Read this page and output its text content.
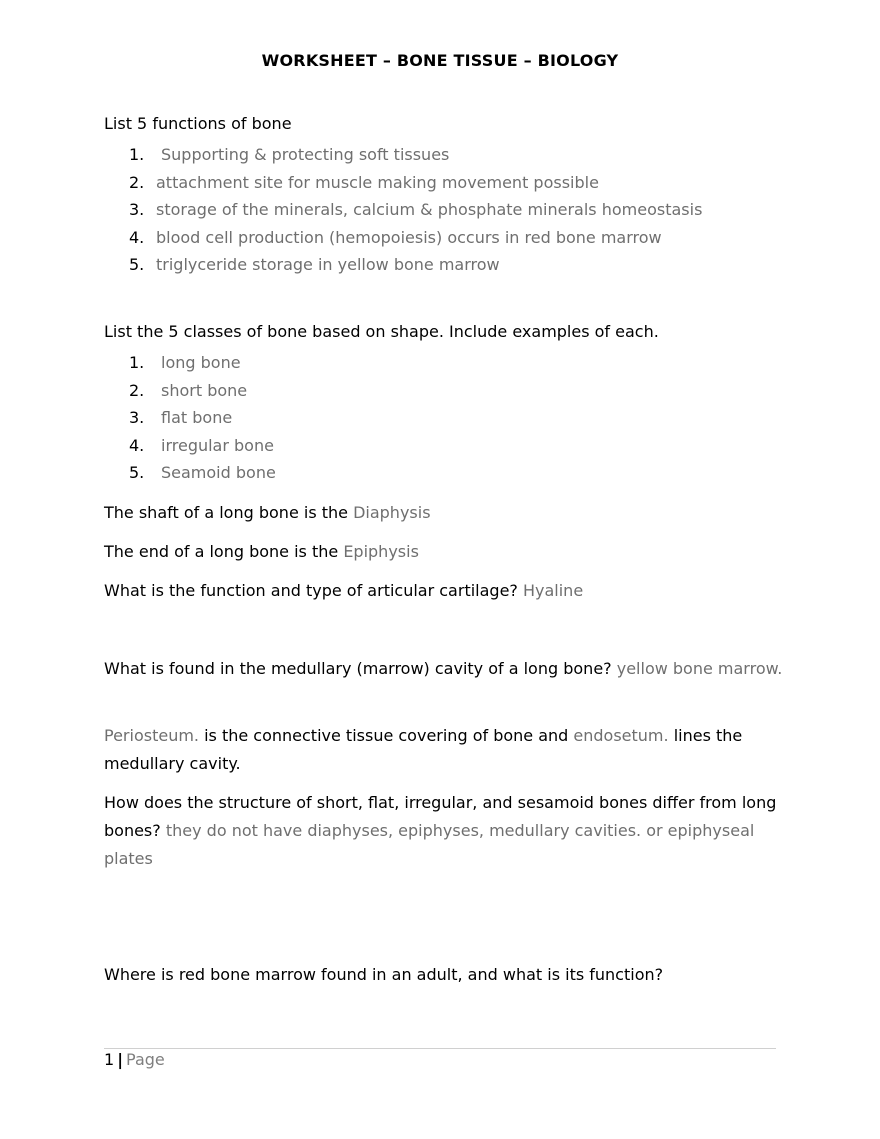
WORKSHEET – BONE TISSUE – BIOLOGY
List 5 functions of bone
1. Supporting & protecting soft tissues
2. attachment site for muscle making movement possible
3. storage of the minerals, calcium & phosphate minerals homeostasis
4. blood cell production (hemopoiesis) occurs in red bone marrow
5. triglyceride storage in yellow bone marrow
List the 5 classes of bone based on shape. Include examples of each.
1. long bone
2. short bone
3. flat bone
4. irregular bone
5. Seamoid bone
The shaft of a long bone is the Diaphysis
The end of a long bone is the Epiphysis
What is the function and type of articular cartilage? Hyaline
What is found in the medullary (marrow) cavity of a long bone? yellow bone marrow.
Periosteum. is the connective tissue covering of bone and endosetum. lines the medullary cavity.
How does the structure of short, flat, irregular, and sesamoid bones differ from long bones? they do not have diaphyses, epiphyses, medullary cavities. or epiphyseal plates
Where is red bone marrow found in an adult, and what is its function?
1 | Page
